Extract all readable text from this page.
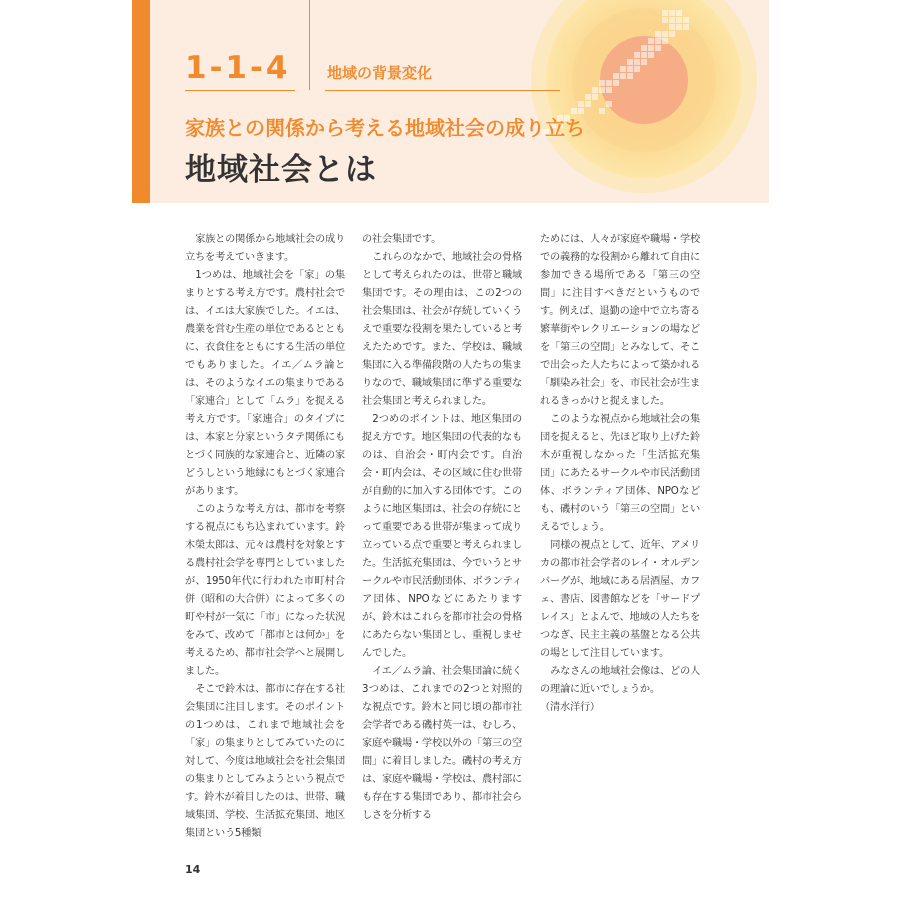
1-1-4 地域の背景変化
家族との関係から考える地域社会の成り立ち
地域社会とは

家族との関係から地域社会の成り立ちを考えていきます。

1つめは、地域社会を「家」の集まりとする考え方です。農村社会では、イエは大家族でした。イエは、農業を営む生産の単位であるとともに、衣食住をともにする生活の単位でもありました。イエ／ムラ論とは、そのようなイエの集まりである「家連合」として「ムラ」を捉える考え方です。「家連合」のタイプには、本家と分家というタテ関係にもとづく同族的な家連合と、近隣の家どうしという地縁にもとづく家連合があります。

このような考え方は、都市を考察する視点にもち込まれています。鈴木榮太郎は、元々は農村を対象とする農村社会学を専門としていましたが、1950年代に行われた市町村合併（昭和の大合併）によって多くの町や村が一気に「市」になった状況をみて、改めて「都市とは何か」を考えるため、都市社会学へと展開しました。

そこで鈴木は、都市に存在する社会集団に注目します。そのポイントの1つめは、これまで地域社会を「家」の集まりとしてみていたのに対して、今度は地域社会を社会集団の集まりとしてみようという視点です。鈴木が着目したのは、世帯、職域集団、学校、生活拡充集団、地区集団という5種類

の社会集団です。

これらのなかで、地域社会の骨格として考えられたのは、世帯と職域集団です。その理由は、この2つの社会集団は、社会が存続していくうえで重要な役割を果たしていると考えたためです。また、学校は、職域集団に入る準備段階の人たちの集まりなので、職域集団に準ずる重要な社会集団と考えられました。

2つめのポイントは、地区集団の捉え方です。地区集団の代表的なものは、自治会・町内会です。自治会・町内会は、その区域に住む世帯が自動的に加入する団体です。このように地区集団は、社会の存続にとって重要である世帯が集まって成り立っている点で重要と考えられました。生活拡充集団は、今でいうとサークルや市民活動団体、ボランティア団体、NPOなどにあたりますが、鈴木はこれらを都市社会の骨格にあたらない集団とし、重視しませんでした。

イエ／ムラ論、社会集団論に続く3つめは、これまでの2つと対照的な視点です。鈴木と同じ頃の都市社会学者である磯村英一は、むしろ、家庭や職場・学校以外の「第三の空間」に着目しました。磯村の考え方は、家庭や職場・学校は、農村部にも存在する集団であり、都市社会らしさを分析する

ためには、人々が家庭や職場・学校での義務的な役割から離れて自由に参加できる場所である「第三の空間」に注目すべきだというものです。例えば、退勤の途中で立ち寄る繁華街やレクリエーションの場などを「第三の空間」とみなして、そこで出会った人たちによって築かれる「馴染み社会」を、市民社会が生まれるきっかけと捉えました。

このような視点から地域社会の集団を捉えると、先ほど取り上げた鈴木が重視しなかった「生活拡充集団」にあたるサークルや市民活動団体、ボランティア団体、NPOなども、磯村のいう「第三の空間」といえるでしょう。

同様の視点として、近年、アメリカの都市社会学者のレイ・オルデンバーグが、地域にある居酒屋、カフェ、書店、図書館などを「サードプレイス」とよんで、地域の人たちをつなぎ、民主主義の基盤となる公共の場として注目しています。

みなさんの地域社会像は、どの人の理論に近いでしょうか。

（清水洋行）

14
